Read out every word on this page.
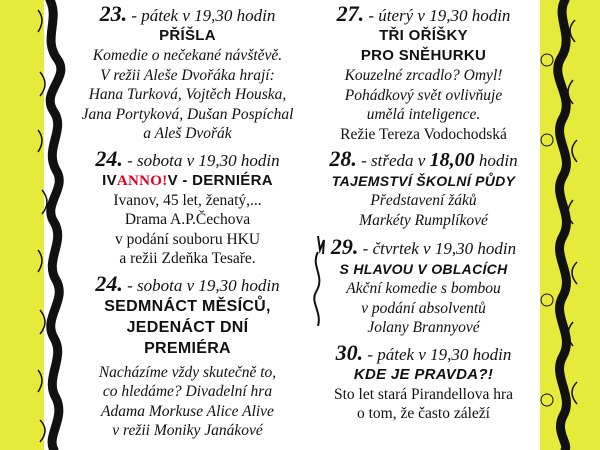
23. - pátek v 19,30 hodin
PŘÍŠLA
Komedie o nečekané návštěvě.
V režii Aleše Dvořáka hrají:
Hana Turková, Vojtěch Houska,
Jana Portyková, Dušan Pospíchal
a Aleš Dvořák
24. - sobota v 19,30 hodin
IVANNO!V - DERNIÉRA
Ivanov, 45 let, ženatý,...
Drama A.P.Čechova
v podání souboru HKU
a režii Zdeňka Tesaře.
24. - sobota v 19,30 hodin
SEDMNÁCT MĚSÍCŮ,
JEDENÁCT DNÍ
PREMIÉRA
Nacházíme vždy skutečně to,
co hledáme? Divadelní hra
Adama Morkuse Alice Alive
v režii Moniky Janákové
27. - úterý v 19,30 hodin
TŘI OŘÍŠKY
PRO SNĚHURKU
Kouzelné zrcadlo? Omyl!
Pohádkový svět ovlivňuje
umělá inteligence.
Režie Tereza Vodochodská
28. - středa v 18,00 hodin
TAJEMSTVÍ ŠKOLNÍ PŮDY
Představení žáků
Markéty Rumplíkové
29. - čtvrtek v 19,30 hodin
S HLAVOU V OBLACÍCH
Akční komedie s bombou
v podání absolventů
Jolany Brannyové
30. - pátek v 19,30 hodin
KDE JE PRAVDA?!
Sto let stará Pirandellova hra
o tom, že často záleží
